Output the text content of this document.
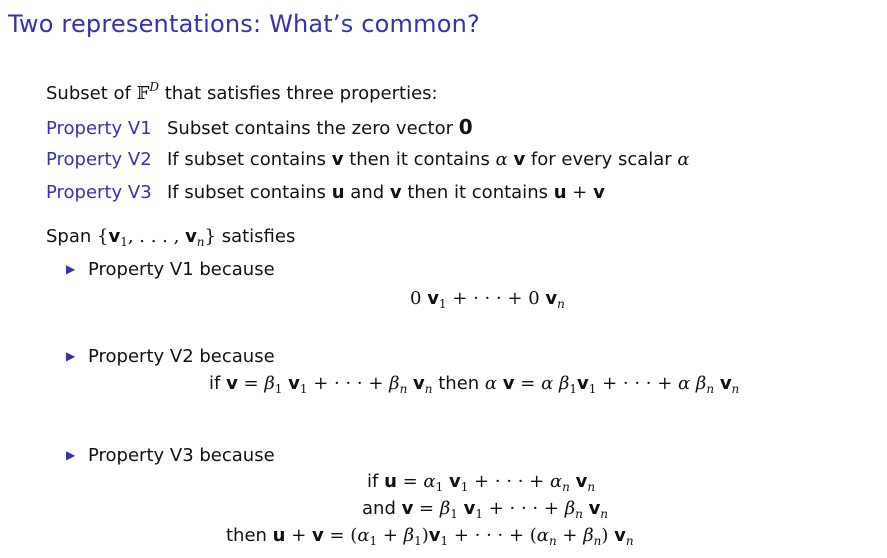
Two representations: What’s common?
Subset of 𝔽$^D$ that satisfies three properties:
Property V1 Subset contains the zero vector 0
Property V2 If subset contains v then it contains α v for every scalar α
Property V3 If subset contains u and v then it contains u + v
Span {$v_1$, . . . , $v_n$} satisfies
▶ Property V1 because
0 $v_1$ + · · · + 0 $v_n$
▶ Property V2 because
if $v = \beta_1$ $v_1$ + · · · + $\beta_n$ $v_n$ then α v = α $\beta_1v_1$ + · · · + α $\beta_n$ $v_n$
▶ Property V3 because
if $u = \alpha_1$ $v_1$ + · · · + $\alpha_n$ $v_n$
and $v = \beta_1$ $v_1$ + · · · + $\beta_n$ $v_n$
then $u + v = (\alpha_1 + \beta_1)v_1$ + · · · + $(\alpha_n + \beta_n)$ $v_n$
